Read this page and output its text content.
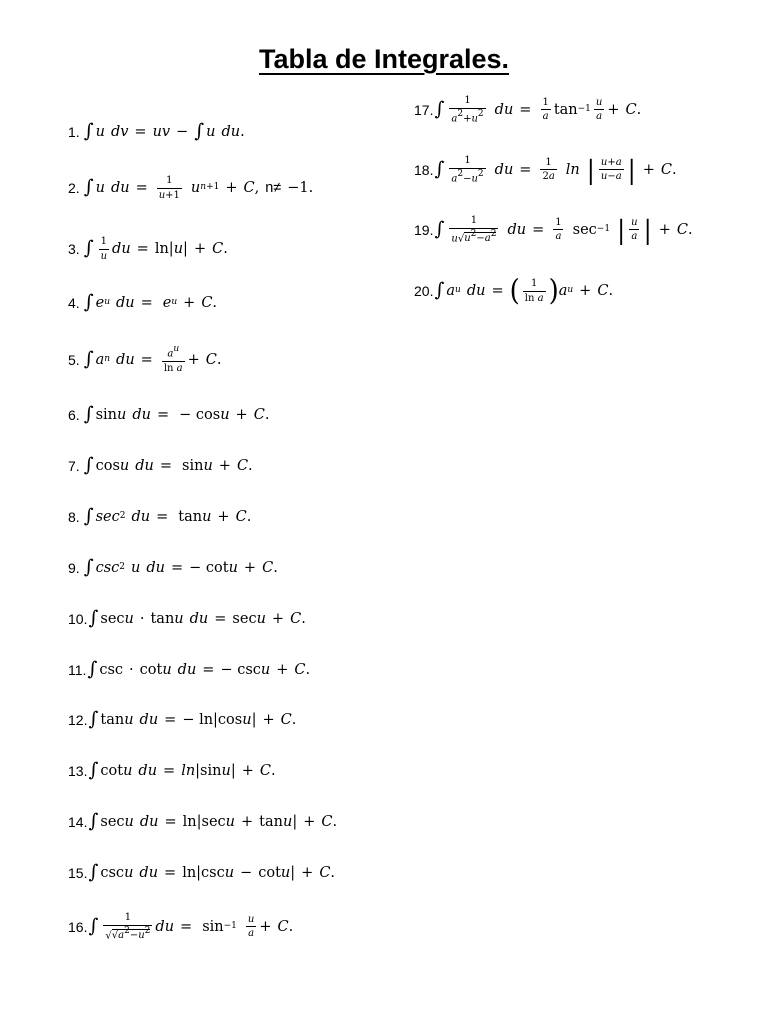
Tabla de Integrales.
1. ∫ u dv = uv − ∫ u du .
2. ∫ u du = $\frac{1}{u+1}$ u $^{n+1}$ + C , n≠ −1.
3. ∫ $\frac{1}{u}$ du = ln| u | + C .
4. ∫ e $^u$ du = e $^u$ + C .
5. ∫ a $^n$ du = $\frac{a^u}{\text{ln a}} + C$ .
6. ∫ sin u du = − cos u + C .
7. ∫ cos u du = sin u + C .
8. ∫ $\sec^2$ du = tan u + C .
9. ∫ $\csc^2 u$ du = − cot u + C .
10. ∫ sec u · tan u du = sec u + C .
11. ∫ csc · cot u du = − csc u + C .
12. ∫ tan u du = − ln|cos u | + C .
13. ∫ cot u du = ln |sin u | + C .
14. ∫ sec u du = ln|sec u + tan u | + C .
15. ∫ csc u du = ln|csc u − cot u | + C .
16. ∫ $\frac{1}{√√a^2-u^2}$ du = $\sin^{-1} \frac{u}{a} + C$ .
17. ∫ $\frac{1}{a^2+u^2}$ du = $\frac{1}{a} \tan^{-1} \frac{u}{a} + C$ .
18. ∫ $\frac{1}{a^2-u^2}$ du = $\frac{1}{2a}$ ln | $\frac{u+a}{u-a}$ | + C .
19. ∫ $\frac{1}{u√u^2-a^2}$ du = $\frac{1}{a} \sec^{-1}$ | $\frac{u}{a}$ | + C .
20. ∫ a $^u$ du = ( $\frac{1}{\text{ln a}}$ ) a $^u$ + C .
